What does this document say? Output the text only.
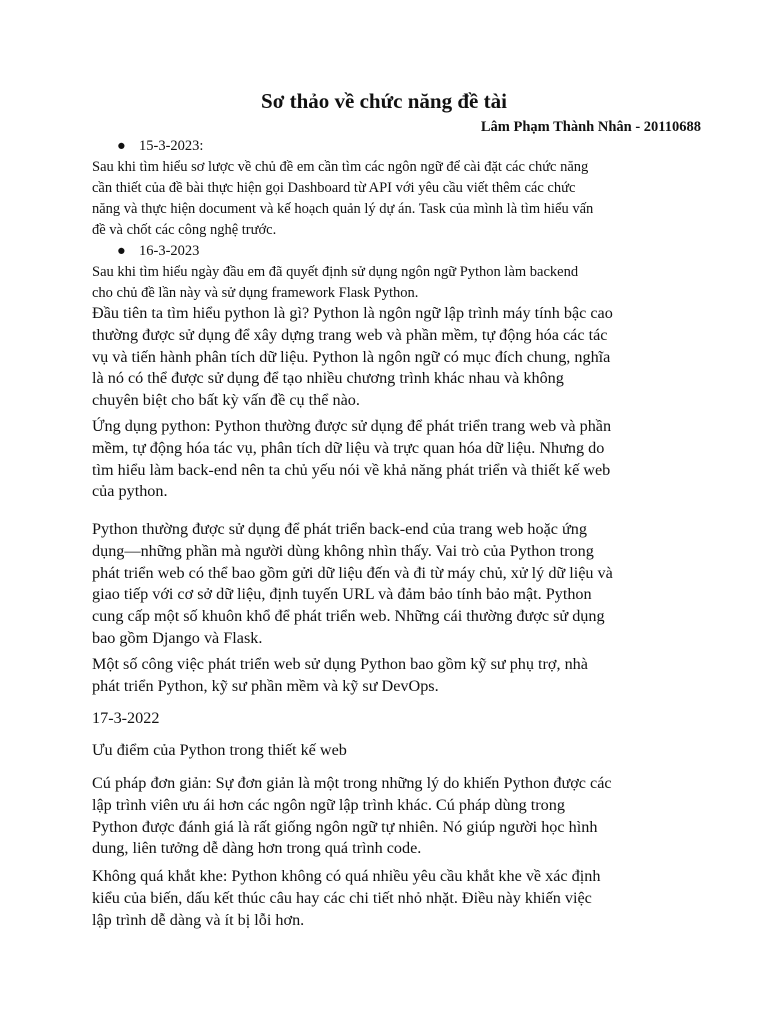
Sơ thảo về chức năng đề tài
Lâm Phạm Thành Nhân - 20110688
● 15-3-2023:
Sau khi tìm hiểu sơ lược về chủ đề em cần tìm các ngôn ngữ để cài đặt các chức năng
cần thiết của đề bài thực hiện gọi Dashboard từ API với yêu cầu viết thêm các chức
năng và thực hiện document và kế hoạch quản lý dự án. Task của mình là tìm hiểu vấn
đề và chốt các công nghệ trước.
● 16-3-2023
Sau khi tìm hiểu ngày đầu em đã quyết định sử dụng ngôn ngữ Python làm backend
cho chủ đề lần này và sử dụng framework Flask Python.
Đầu tiên ta tìm hiểu python là gì? Python là ngôn ngữ lập trình máy tính bậc cao
thường được sử dụng để xây dựng trang web và phần mềm, tự động hóa các tác
vụ và tiến hành phân tích dữ liệu. Python là ngôn ngữ có mục đích chung, nghĩa
là nó có thể được sử dụng để tạo nhiều chương trình khác nhau và không
chuyên biệt cho bất kỳ vấn đề cụ thể nào.
Ứng dụng python: Python thường được sử dụng để phát triển trang web và phần
mềm, tự động hóa tác vụ, phân tích dữ liệu và trực quan hóa dữ liệu. Nhưng do
tìm hiểu làm back-end nên ta chủ yếu nói về khả năng phát triển và thiết kế web
của python.
Python thường được sử dụng để phát triển back-end của trang web hoặc ứng
dụng—những phần mà người dùng không nhìn thấy. Vai trò của Python trong
phát triển web có thể bao gồm gửi dữ liệu đến và đi từ máy chủ, xử lý dữ liệu và
giao tiếp với cơ sở dữ liệu, định tuyến URL và đảm bảo tính bảo mật. Python
cung cấp một số khuôn khổ để phát triển web. Những cái thường được sử dụng
bao gồm Django và Flask.
Một số công việc phát triển web sử dụng Python bao gồm kỹ sư phụ trợ, nhà
phát triển Python, kỹ sư phần mềm và kỹ sư DevOps.
17-3-2022
Ưu điểm của Python trong thiết kế web
Cú pháp đơn giản: Sự đơn giản là một trong những lý do khiến Python được các
lập trình viên ưu ái hơn các ngôn ngữ lập trình khác. Cú pháp dùng trong
Python được đánh giá là rất giống ngôn ngữ tự nhiên. Nó giúp người học hình
dung, liên tưởng dễ dàng hơn trong quá trình code.
Không quá khắt khe: Python không có quá nhiều yêu cầu khắt khe về xác định
kiểu của biến, dấu kết thúc câu hay các chi tiết nhỏ nhặt. Điều này khiến việc
lập trình dễ dàng và ít bị lỗi hơn.
